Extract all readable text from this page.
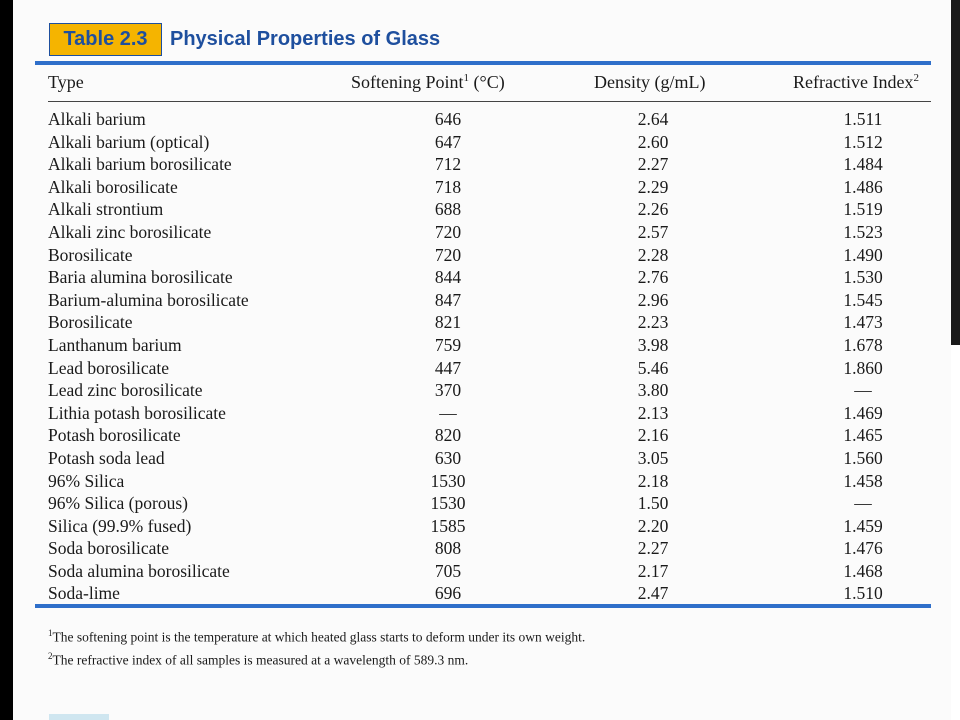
Table 2.3	Physical Properties of Glass
Type	Softening Point$^1$ (°C)	Density (g/mL)	Refractive Index$^2$
Alkali barium	646	2.64	1.511
Alkali barium (optical)	647	2.60	1.512
Alkali barium borosilicate	712	2.27	1.484
Alkali borosilicate	718	2.29	1.486
Alkali strontium	688	2.26	1.519
Alkali zinc borosilicate	720	2.57	1.523
Borosilicate	720	2.28	1.490
Baria alumina borosilicate	844	2.76	1.530
Barium-alumina borosilicate	847	2.96	1.545
Borosilicate	821	2.23	1.473
Lanthanum barium	759	3.98	1.678
Lead borosilicate	447	5.46	1.860
Lead zinc borosilicate	370	3.80	—
Lithia potash borosilicate	—	2.13	1.469
Potash borosilicate	820	2.16	1.465
Potash soda lead	630	3.05	1.560
96% Silica	1530	2.18	1.458
96% Silica (porous)	1530	1.50	—
Silica (99.9% fused)	1585	2.20	1.459
Soda borosilicate	808	2.27	1.476
Soda alumina borosilicate	705	2.17	1.468
Soda-lime	696	2.47	1.510
$^1$The softening point is the temperature at which heated glass starts to deform under its own weight.
$^2$The refractive index of all samples is measured at a wavelength of 589.3 nm.
